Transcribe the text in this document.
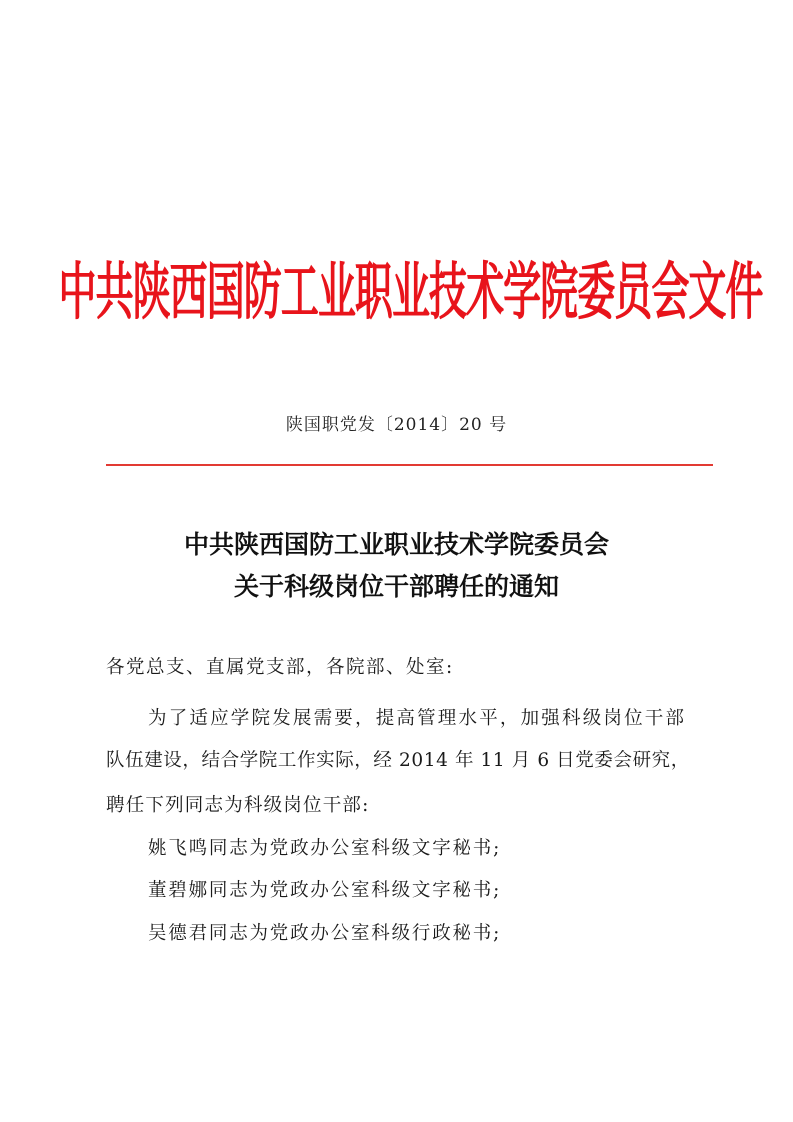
中共陕西国防工业职业技术学院委员会文件
陕国职党发〔2014〕20 号
中共陕西国防工业职业技术学院委员会
关于科级岗位干部聘任的通知
各党总支、直属党支部，各院部、处室:
为了适应学院发展需要，提高管理水平，加强科级岗位干部
队伍建设，结合学院工作实际，经 2014 年 11 月 6 日党委会研究，
聘任下列同志为科级岗位干部:
姚飞鸣同志为党政办公室科级文字秘书;
董碧娜同志为党政办公室科级文字秘书;
吴德君同志为党政办公室科级行政秘书;
